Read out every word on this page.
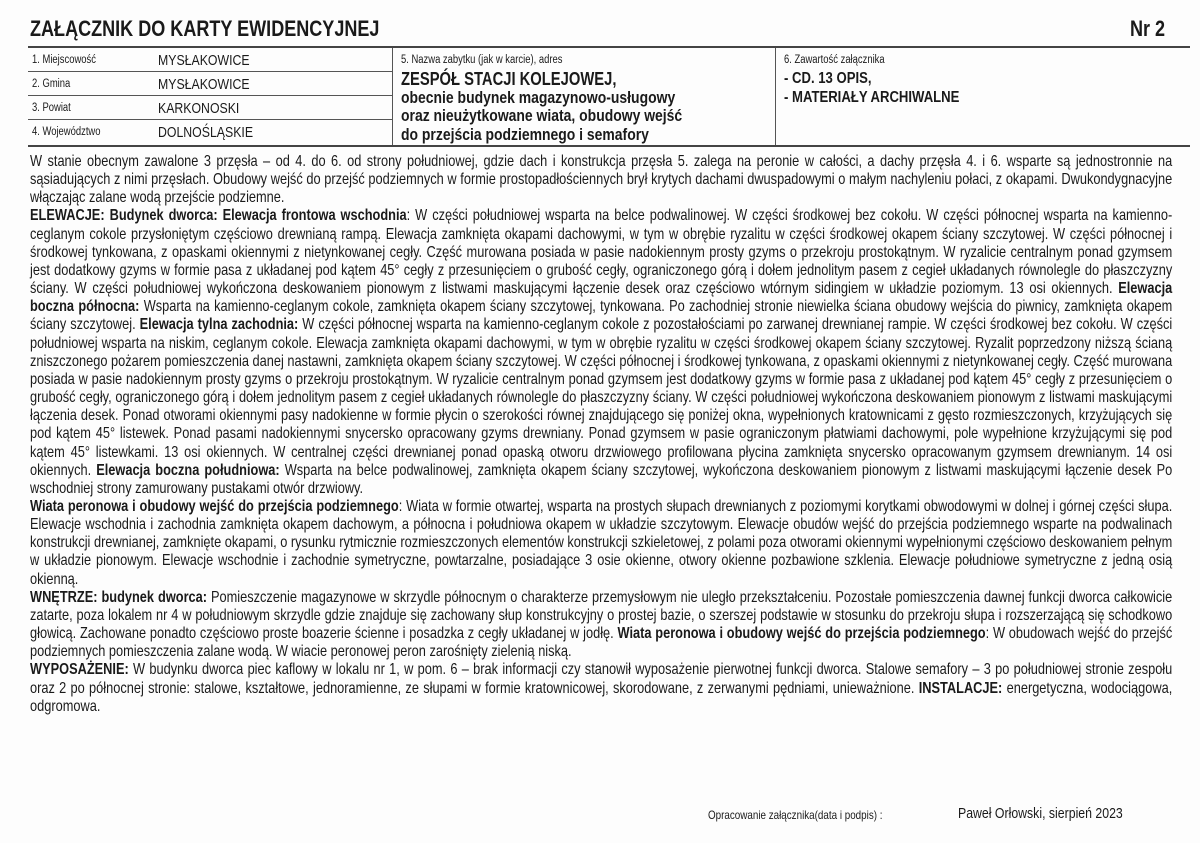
ZAŁĄCZNIK DO KARTY EWIDENCYJNEJ	Nr 2
1. Miejscowość	MYSŁAKOWICE
2. Gmina	MYSŁAKOWICE
3. Powiat	KARKONOSKI
4. Województwo	DOLNOŚLĄSKIE
5. Nazwa zabytku (jak w karcie), adres
ZESPÓŁ STACJI KOLEJOWEJ,
obecnie budynek magazynowo-usługowy
oraz nieużytkowane wiata, obudowy wejść
do przejścia podziemnego i semafory
6. Zawartość załącznika
- CD. 13 OPIS,
- MATERIAŁY ARCHIWALNE

W stanie obecnym zawalone 3 przęsła – od 4. do 6. od strony południowej, gdzie dach i konstrukcja przęsła 5. zalega na peronie w całości, a dachy przęsła 4. i 6. wsparte są jednostronnie na sąsiadujących z nimi przęsłach. Obudowy wejść do przejść podziemnych w formie prostopadłościennych brył krytych dachami dwuspadowymi o małym nachyleniu połaci, z okapami. Dwukondygnacyjne włączając zalane wodą przejście podziemne.

ELEWACJE: Budynek dworca: Elewacja frontowa wschodnia: W części południowej wsparta na belce podwalinowej. W części środkowej bez cokołu. W części północnej wsparta na kamienno-ceglanym cokole przysłoniętym częściowo drewnianą rampą. Elewacja zamknięta okapami dachowymi, w tym w obrębie ryzalitu w części środkowej okapem ściany szczytowej. W części północnej i środkowej tynkowana, z opaskami okiennymi z nietynkowanej cegły. Część murowana posiada w pasie nadokiennym prosty gzyms o przekroju prostokątnym. W ryzalicie centralnym ponad gzymsem jest dodatkowy gzyms w formie pasa z układanej pod kątem 45° cegły z przesunięciem o grubość cegły, ograniczonego górą i dołem jednolitym pasem z cegieł układanych równolegle do płaszczyzny ściany. W części południowej wykończona deskowaniem pionowym z listwami maskującymi łączenie desek oraz częściowo wtórnym sidingiem w układzie poziomym. 13 osi okiennych. Elewacja boczna północna: Wsparta na kamienno-ceglanym cokole, zamknięta okapem ściany szczytowej, tynkowana. Po zachodniej stronie niewielka ściana obudowy wejścia do piwnicy, zamknięta okapem ściany szczytowej. Elewacja tylna zachodnia: W części północnej wsparta na kamienno-ceglanym cokole z pozostałościami po zarwanej drewnianej rampie. W części środkowej bez cokołu. W części południowej wsparta na niskim, ceglanym cokole. Elewacja zamknięta okapami dachowymi, w tym w obrębie ryzalitu w części środkowej okapem ściany szczytowej. Ryzalit poprzedzony niższą ścianą zniszczonego pożarem pomieszczenia danej nastawni, zamknięta okapem ściany szczytowej. W części północnej i środkowej tynkowana, z opaskami okiennymi z nietynkowanej cegły. Część murowana posiada w pasie nadokiennym prosty gzyms o przekroju prostokątnym. W ryzalicie centralnym ponad gzymsem jest dodatkowy gzyms w formie pasa z układanej pod kątem 45° cegły z przesunięciem o grubość cegły, ograniczonego górą i dołem jednolitym pasem z cegieł układanych równolegle do płaszczyzny ściany. W części południowej wykończona deskowaniem pionowym z listwami maskującymi łączenia desek. Ponad otworami okiennymi pasy nadokienne w formie płycin o szerokości równej znajdującego się poniżej okna, wypełnionych kratownicami z gęsto rozmieszczonych, krzyżujących się pod kątem 45° listewek. Ponad pasami nadokiennymi snycersko opracowany gzyms drewniany. Ponad gzymsem w pasie ograniczonym płatwiami dachowymi, pole wypełnione krzyżującymi się pod kątem 45° listewkami. 13 osi okiennych. W centralnej części drewnianej ponad opaską otworu drzwiowego profilowana płycina zamknięta snycersko opracowanym gzymsem drewnianym. 14 osi okiennych. Elewacja boczna południowa: Wsparta na belce podwalinowej, zamknięta okapem ściany szczytowej, wykończona deskowaniem pionowym z listwami maskującymi łączenie desek Po wschodniej strony zamurowany pustakami otwór drzwiowy.

Wiata peronowa i obudowy wejść do przejścia podziemnego: Wiata w formie otwartej, wsparta na prostych słupach drewnianych z poziomymi korytkami obwodowymi w dolnej i górnej części słupa. Elewacje wschodnia i zachodnia zamknięta okapem dachowym, a północna i południowa okapem w układzie szczytowym. Elewacje obudów wejść do przejścia podziemnego wsparte na podwalinach konstrukcji drewnianej, zamknięte okapami, o rysunku rytmicznie rozmieszczonych elementów konstrukcji szkieletowej, z polami poza otworami okiennymi wypełnionymi częściowo deskowaniem pełnym w układzie pionowym. Elewacje wschodnie i zachodnie symetryczne, powtarzalne, posiadające 3 osie okienne, otwory okienne pozbawione szklenia. Elewacje południowe symetryczne z jedną osią okienną.

WNĘTRZE: budynek dworca: Pomieszczenie magazynowe w skrzydle północnym o charakterze przemysłowym nie uległo przekształceniu. Pozostałe pomieszczenia dawnej funkcji dworca całkowicie zatarte, poza lokalem nr 4 w południowym skrzydle gdzie znajduje się zachowany słup konstrukcyjny o prostej bazie, o szerszej podstawie w stosunku do przekroju słupa i rozszerzającą się schodkowo głowicą. Zachowane ponadto częściowo proste boazerie ścienne i posadzka z cegły układanej w jodłę. Wiata peronowa i obudowy wejść do przejścia podziemnego: W obudowach wejść do przejść podziemnych pomieszczenia zalane wodą. W wiacie peronowej peron zarośnięty zielenią niską.

WYPOSAŻENIE: W budynku dworca piec kaflowy w lokalu nr 1, w pom. 6 – brak informacji czy stanowił wyposażenie pierwotnej funkcji dworca. Stalowe semafory – 3 po południowej stronie zespołu oraz 2 po północnej stronie: stalowe, kształtowe, jednoramienne, ze słupami w formie kratownicowej, skorodowane, z zerwanymi pędniami, unieważnione. INSTALACJE: energetyczna, wodociągowa, odgromowa.

Opracowanie załącznika(data i podpis) :	Paweł Orłowski, sierpień 2023
